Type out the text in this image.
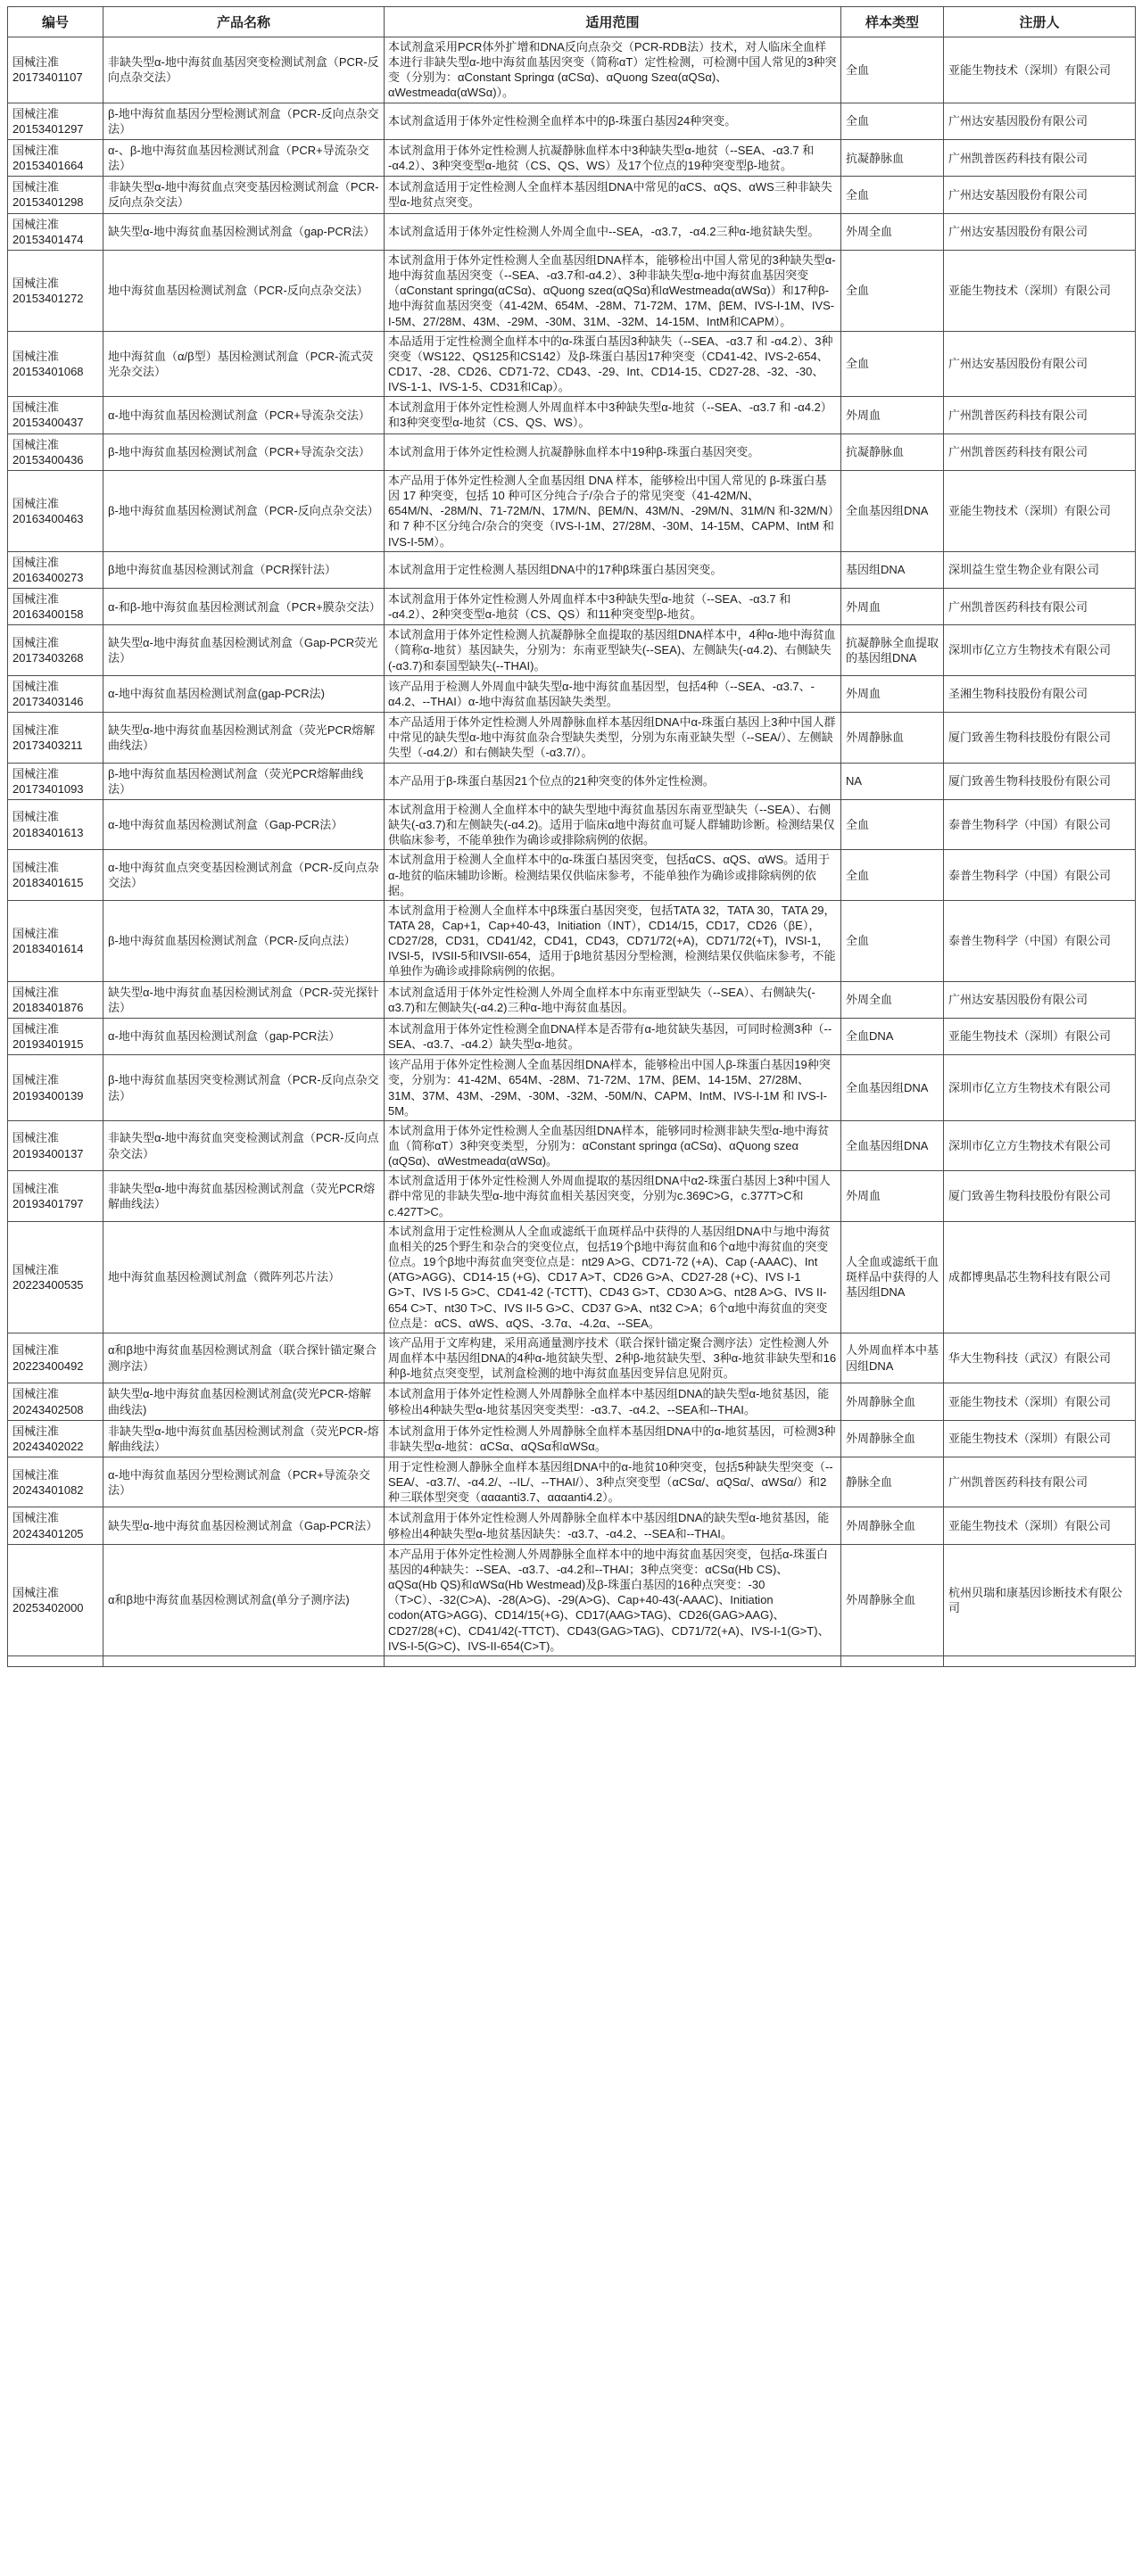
编号	产品名称	适用范围	样本类型	注册人

国械注准
20173401107	非缺失型α-地中海贫血基因突变检测试剂盒（PCR-反向点杂交法）	本试剂盒采用PCR体外扩增和DNA反向点杂交（PCR-RDB法）技术，对人临床全血样本进行非缺失型α-地中海贫血基因突变（简称αT）定性检测，可检测中国人常见的3种突变（分别为：αConstant Springα (αCSα)、αQuong Szeα(αQSα)、αWestmeadα(αWSα)）。	全血	亚能生物技术（深圳）有限公司

国械注准
20153401297	β-地中海贫血基因分型检测试剂盒（PCR-反向点杂交法）	本试剂盒适用于体外定性检测全血样本中的β-珠蛋白基因24种突变。	全血	广州达安基因股份有限公司

国械注准
20153401664	α-、β-地中海贫血基因检测试剂盒（PCR+导流杂交法）	本试剂盒用于体外定性检测人抗凝静脉血样本中3种缺失型α-地贫（--SEA、-α3.7 和 -α4.2）、3种突变型α-地贫（CS、QS、WS）及17个位点的19种突变型β-地贫。	抗凝静脉血	广州凯普医药科技有限公司

国械注准
20153401298	非缺失型α-地中海贫血点突变基因检测试剂盒（PCR-反向点杂交法）	本试剂盒适用于定性检测人全血样本基因组DNA中常见的αCS、αQS、αWS三种非缺失型α-地贫点突变。	全血	广州达安基因股份有限公司

国械注准
20153401474	缺失型α-地中海贫血基因检测试剂盒（gap-PCR法）	本试剂盒适用于体外定性检测人外周全血中--SEA，-α3.7，-α4.2三种α-地贫缺失型。	外周全血	广州达安基因股份有限公司

国械注准
20153401272	地中海贫血基因检测试剂盒（PCR-反向点杂交法）	本试剂盒用于体外定性检测人全血基因组DNA样本，能够检出中国人常见的3种缺失型α-地中海贫血基因突变（--SEA、-α3.7和-α4.2）、3种非缺失型α-地中海贫血基因突变（αConstant springα(αCSα)、αQuong szeα(αQSα)和αWestmeadα(αWSα)）和17种β-地中海贫血基因突变（41-42M、654M、-28M、71-72M、17M、βEM、IVS-I-1M、IVS-I-5M、27/28M、43M、-29M、-30M、31M、-32M、14-15M、IntM和CAPM）。	全血	亚能生物技术（深圳）有限公司

国械注准
20153401068	地中海贫血（α/β型）基因检测试剂盒（PCR-流式荧光杂交法）	本品适用于定性检测全血样本中的α-珠蛋白基因3种缺失（--SEA、-α3.7 和 -α4.2）、3种突变（WS122、QS125和CS142）及β-珠蛋白基因17种突变（CD41-42、IVS-2-654、CD17、-28、CD26、CD71-72、CD43、-29、Int、CD14-15、CD27-28、-32、-30、IVS-1-1、IVS-1-5、CD31和Cap）。	全血	广州达安基因股份有限公司

国械注准
20153400437	α-地中海贫血基因检测试剂盒（PCR+导流杂交法）	本试剂盒用于体外定性检测人外周血样本中3种缺失型α-地贫（--SEA、-α3.7 和 -α4.2）和3种突变型α-地贫（CS、QS、WS）。	外周血	广州凯普医药科技有限公司

国械注准
20153400436	β-地中海贫血基因检测试剂盒（PCR+导流杂交法）	本试剂盒用于体外定性检测人抗凝静脉血样本中19种β-珠蛋白基因突变。	抗凝静脉血	广州凯普医药科技有限公司

国械注准
20163400463	β-地中海贫血基因检测试剂盒（PCR-反向点杂交法）	本产品用于体外定性检测人全血基因组 DNA 样本，能够检出中国人常见的 β-珠蛋白基因 17 种突变，包括 10 种可区分纯合子/杂合子的常见突变（41-42M/N、654M/N、-28M/N、71-72M/N、17M/N、βEM/N、43M/N、-29M/N、31M/N 和-32M/N）和 7 种不区分纯合/杂合的突变（IVS-I-1M、27/28M、-30M、14-15M、CAPM、IntM 和 IVS-I-5M）。	全血基因组DNA	亚能生物技术（深圳）有限公司

国械注准
20163400273	β地中海贫血基因检测试剂盒（PCR探针法）	本试剂盒用于定性检测人基因组DNA中的17种β珠蛋白基因突变。	基因组DNA	深圳益生堂生物企业有限公司

国械注准
20163400158	α-和β-地中海贫血基因检测试剂盒（PCR+膜杂交法）	本试剂盒用于体外定性检测人外周血样本中3种缺失型α-地贫（--SEA、-α3.7 和 -α4.2）、2种突变型α-地贫（CS、QS）和11种突变型β-地贫。	外周血	广州凯普医药科技有限公司

国械注准
20173403268	缺失型α-地中海贫血基因检测试剂盒（Gap-PCR荧光法）	本试剂盒用于体外定性检测人抗凝静脉全血提取的基因组DNA样本中，4种α-地中海贫血（简称α-地贫）基因缺失，分别为：东南亚型缺失(--SEA)、左侧缺失(-α4.2)、右侧缺失(-α3.7)和泰国型缺失(--THAI)。	抗凝静脉全血提取的基因组DNA	深圳市亿立方生物技术有限公司

国械注准
20173403146	α-地中海贫血基因检测试剂盒(gap-PCR法)	该产品用于检测人外周血中缺失型α-地中海贫血基因型，包括4种（--SEA、-α3.7、-α4.2、--THAI）α-地中海贫血基因缺失类型。	外周血	圣湘生物科技股份有限公司

国械注准
20173403211	缺失型α-地中海贫血基因检测试剂盒（荧光PCR熔解曲线法）	本产品适用于体外定性检测人外周静脉血样本基因组DNA中α-珠蛋白基因上3种中国人群中常见的缺失型α-地中海贫血杂合型缺失类型，分别为东南亚缺失型（--SEA/）、左侧缺失型（-α4.2/）和右侧缺失型（-α3.7/）。	外周静脉血	厦门致善生物科技股份有限公司

国械注准
20173401093	β-地中海贫血基因检测试剂盒（荧光PCR熔解曲线法）	本产品用于β-珠蛋白基因21个位点的21种突变的体外定性检测。	NA	厦门致善生物科技股份有限公司

国械注准
20183401613	α-地中海贫血基因检测试剂盒（Gap-PCR法）	本试剂盒用于检测人全血样本中的缺失型地中海贫血基因东南亚型缺失（--SEA）、右侧缺失(-α3.7)和左侧缺失(-α4.2)。适用于临床α地中海贫血可疑人群辅助诊断。检测结果仅供临床参考，不能单独作为确诊或排除病例的依据。	全血	泰普生物科学（中国）有限公司

国械注准
20183401615	α-地中海贫血点突变基因检测试剂盒（PCR-反向点杂交法）	本试剂盒用于检测人全血样本中的α-珠蛋白基因突变，包括αCS、αQS、αWS。适用于α-地贫的临床辅助诊断。检测结果仅供临床参考，不能单独作为确诊或排除病例的依据。	全血	泰普生物科学（中国）有限公司

国械注准
20183401614	β-地中海贫血基因检测试剂盒（PCR-反向点法）	本试剂盒用于检测人全血样本中β珠蛋白基因突变，包括TATA 32，TATA 30，TATA 29，TATA 28，Cap+1，Cap+40-43，Initiation（INT），CD14/15，CD17，CD26（βE），CD27/28，CD31，CD41/42，CD41，CD43，CD71/72(+A)，CD71/72(+T)，IVSI-1，IVSI-5，IVSII-5和IVSII-654，适用于β地贫基因分型检测，检测结果仅供临床参考，不能单独作为确诊或排除病例的依据。	全血	泰普生物科学（中国）有限公司

国械注准
20183401876	缺失型α-地中海贫血基因检测试剂盒（PCR-荧光探针法）	本试剂盒适用于体外定性检测人外周全血样本中东南亚型缺失（--SEA）、右侧缺失(-α3.7)和左侧缺失(-α4.2)三种α-地中海贫血基因。	外周全血	广州达安基因股份有限公司

国械注准
20193401915	α-地中海贫血基因检测试剂盒（gap-PCR法）	本试剂盒用于体外定性检测全血DNA样本是否带有α-地贫缺失基因，可同时检测3种（--SEA、-α3.7、-α4.2）缺失型α-地贫。	全血DNA	亚能生物技术（深圳）有限公司

国械注准
20193400139	β-地中海贫血基因突变检测试剂盒（PCR-反向点杂交法）	该产品用于体外定性检测人全血基因组DNA样本，能够检出中国人β-珠蛋白基因19种突变，分别为：41-42M、654M、-28M、71-72M、17M、βEM、14-15M、27/28M、31M、37M、43M、-29M、-30M、-32M、-50M/N、CAPM、IntM、IVS-I-1M 和 IVS-I-5M。	全血基因组DNA	深圳市亿立方生物技术有限公司

国械注准
20193400137	非缺失型α-地中海贫血突变检测试剂盒（PCR-反向点杂交法）	本试剂盒用于体外定性检测人全血基因组DNA样本，能够同时检测非缺失型α-地中海贫血（简称αT）3种突变类型，分别为：αConstant springα (αCSα)、αQuong szeα (αQSα)、αWestmeadα(αWSα)。	全血基因组DNA	深圳市亿立方生物技术有限公司

国械注准
20193401797	非缺失型α-地中海贫血基因检测试剂盒（荧光PCR熔解曲线法）	本试剂盒适用于体外定性检测人外周血提取的基因组DNA中α2-珠蛋白基因上3种中国人群中常见的非缺失型α-地中海贫血相关基因突变，分别为c.369C>G，c.377T>C和c.427T>C。	外周血	厦门致善生物科技股份有限公司

国械注准
20223400535	地中海贫血基因检测试剂盒（微阵列芯片法）	本试剂盒用于定性检测从人全血或滤纸干血斑样品中获得的人基因组DNA中与地中海贫血相关的25个野生和杂合的突变位点，包括19个β地中海贫血和6个α地中海贫血的突变位点。19个β地中海贫血突变位点是：nt29 A>G、CD71-72 (+A)、Cap (-AAAC)、Int (ATG>AGG)、CD14-15 (+G)、CD17 A>T、CD26 G>A、CD27-28 (+C)、IVS I-1 G>T、IVS I-5 G>C、CD41-42 (-TCTT)、CD43 G>T、CD30 A>G、nt28 A>G、IVS II-654 C>T、nt30 T>C、IVS II-5 G>C、CD37 G>A、nt32 C>A；6个α地中海贫血的突变位点是：αCS、αWS、αQS、-3.7α、-4.2α、--SEA。	人全血或滤纸干血斑样品中获得的人基因组DNA	成都博奥晶芯生物科技有限公司

国械注准
20223400492	α和β地中海贫血基因检测试剂盒（联合探针锚定聚合测序法）	该产品用于文库构建，采用高通量测序技术（联合探针锚定聚合测序法）定性检测人外周血样本中基因组DNA的4种α-地贫缺失型、2种β-地贫缺失型、3种α-地贫非缺失型和16种β-地贫点突变型，试剂盒检测的地中海贫血基因变异信息见附页。	人外周血样本中基因组DNA	华大生物科技（武汉）有限公司

国械注准
20243402508	缺失型α-地中海贫血基因检测试剂盒(荧光PCR-熔解曲线法)	本试剂盒用于体外定性检测人外周静脉全血样本中基因组DNA的缺失型α-地贫基因，能够检出4种缺失型α-地贫基因突变类型：-α3.7、-α4.2、--SEA和--THAI。	外周静脉全血	亚能生物技术（深圳）有限公司

国械注准
20243402022	非缺失型α-地中海贫血基因检测试剂盒（荧光PCR-熔解曲线法）	本试剂盒用于体外定性检测人外周静脉全血样本基因组DNA中的α-地贫基因，可检测3种非缺失型α-地贫：αCSα、αQSα和αWSα。	外周静脉全血	亚能生物技术（深圳）有限公司

国械注准
20243401082	α-地中海贫血基因分型检测试剂盒（PCR+导流杂交法）	用于定性检测人静脉全血样本基因组DNA中的α-地贫10种突变，包括5种缺失型突变（--SEA/、-α3.7/、-α4.2/、--IL/、--THAI/）、3种点突变型（αCSα/、αQSα/、αWSα/）和2种三联体型突变（αααanti3.7、αααanti4.2）。	静脉全血	广州凯普医药科技有限公司

国械注准
20243401205	缺失型α-地中海贫血基因检测试剂盒（Gap-PCR法）	本试剂盒用于体外定性检测人外周静脉全血样本中基因组DNA的缺失型α-地贫基因，能够检出4种缺失型α-地贫基因缺失：-α3.7、-α4.2、--SEA和--THAI。	外周静脉全血	亚能生物技术（深圳）有限公司

国械注准
20253402000	α和β地中海贫血基因检测试剂盒(单分子测序法)	本产品用于体外定性检测人外周静脉全血样本中的地中海贫血基因突变，包括α-珠蛋白基因的4种缺失：--SEA、-α3.7、-α4.2和--THAI；3种点突变：αCSα(Hb CS)、αQSα(Hb QS)和αWSα(Hb Westmead)及β-珠蛋白基因的16种点突变：-30（T>C）、-32(C>A)、-28(A>G)、-29(A>G)、Cap+40-43(-AAAC)、Initiation codon(ATG>AGG)、CD14/15(+G)、CD17(AAG>TAG)、CD26(GAG>AAG)、CD27/28(+C)、CD41/42(-TTCT)、CD43(GAG>TAG)、CD71/72(+A)、IVS-I-1(G>T)、IVS-I-5(G>C)、IVS-II-654(C>T)。	外周静脉全血	杭州贝瑞和康基因诊断技术有限公司
